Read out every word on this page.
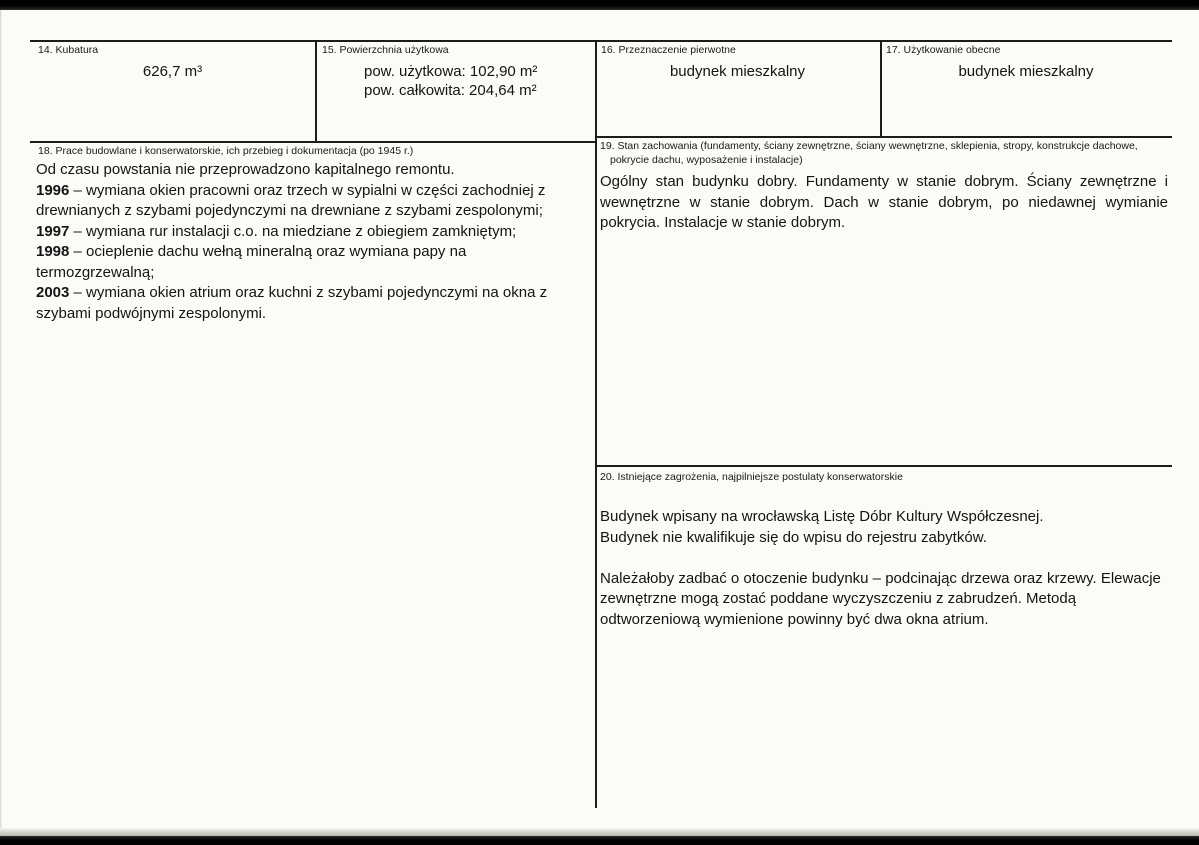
14. Kubatura
626,7 m³
15. Powierzchnia użytkowa
pow. użytkowa: 102,90 m²
pow. całkowita: 204,64 m²
16. Przeznaczenie pierwotne
budynek mieszkalny
17. Użytkowanie obecne
budynek mieszkalny
18. Prace budowlane i konserwatorskie, ich przebieg i dokumentacja (po 1945 r.)

Od czasu powstania nie przeprowadzono kapitalnego remontu.

1996 – wymiana okien pracowni oraz trzech w sypialni w części zachodniej z drewnianych z szybami pojedynczymi na drewniane z szybami zespolonymi;

1997 – wymiana rur instalacji c.o. na miedziane z obiegiem zamkniętym;

1998 – ocieplenie dachu wełną mineralną oraz wymiana papy na termozgrzewalną;

2003 – wymiana okien atrium oraz kuchni z szybami pojedynczymi na okna z szybami podwójnymi zespolonymi.

19. Stan zachowania (fundamenty, ściany zewnętrzne, ściany wewnętrzne, sklepienia, stropy, konstrukcje dachowe, pokrycie dachu, wyposażenie i instalacje)
Ogólny stan budynku dobry. Fundamenty w stanie dobrym. Ściany zewnętrzne i wewnętrzne w stanie dobrym. Dach w stanie dobrym, po niedawnej wymianie pokrycia. Instalacje w stanie dobrym.
20. Istniejące zagrożenia, najpilniejsze postulaty konserwatorskie

Budynek wpisany na wrocławską Listę Dóbr Kultury Współczesnej.

Budynek nie kwalifikuje się do wpisu do rejestru zabytków.

Należałoby zadbać o otoczenie budynku – podcinając drzewa oraz krzewy. Elewacje zewnętrzne mogą zostać poddane wyczyszczeniu z zabrudzeń. Metodą odtworzeniową wymienione powinny być dwa okna atrium.
